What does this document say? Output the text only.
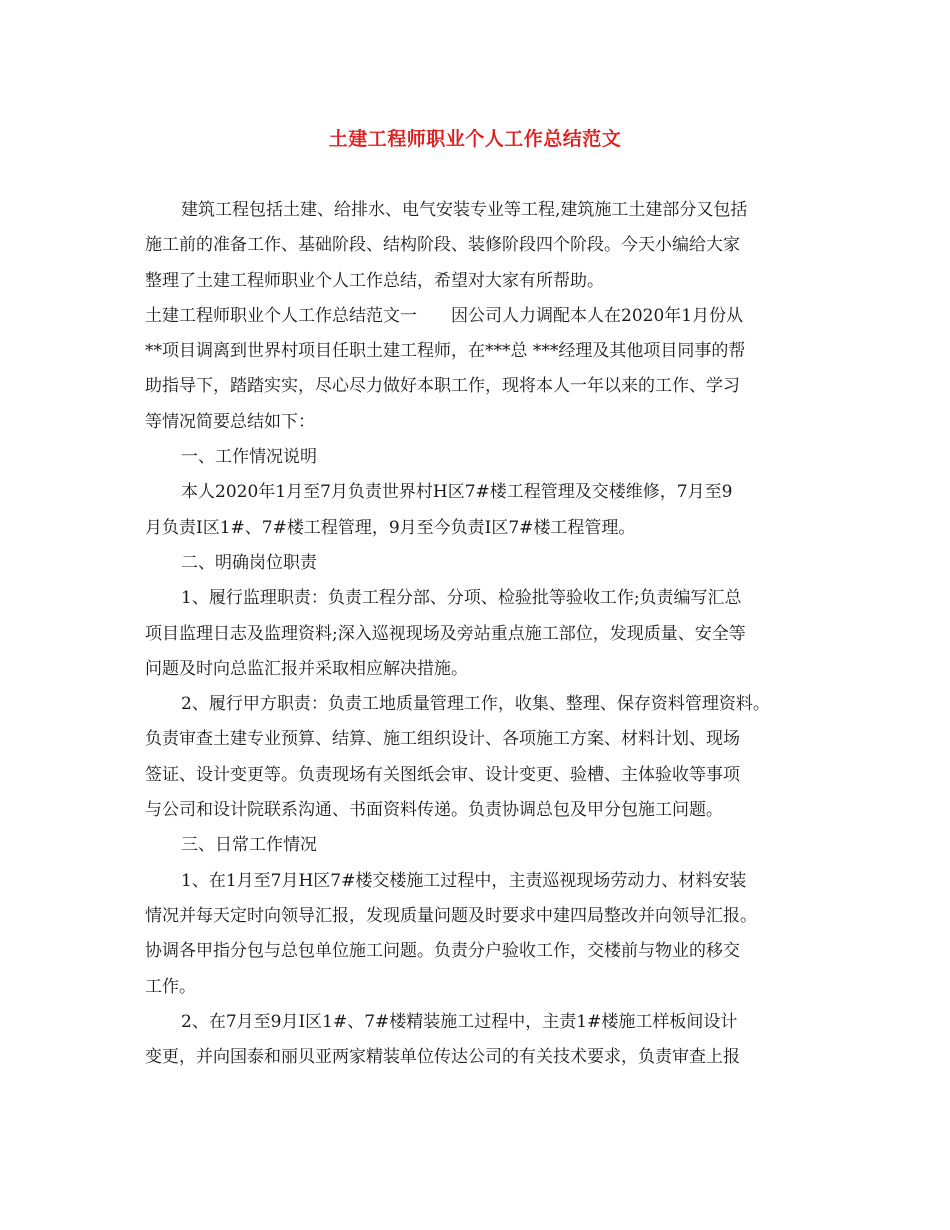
土建工程师职业个人工作总结范文
建筑工程包括土建、给排水、电气安装专业等工程,建筑施工土建部分又包括
施工前的准备工作、基础阶段、结构阶段、装修阶段四个阶段。今天小编给大家
整理了土建工程师职业个人工作总结，希望对大家有所帮助。
土建工程师职业个人工作总结范文一　　因公司人力调配本人在2020年1月份从
**项目调离到世界村项目任职土建工程师，在***总 ***经理及其他项目同事的帮
助指导下，踏踏实实，尽心尽力做好本职工作，现将本人一年以来的工作、学习
等情况简要总结如下：
一、工作情况说明
本人2020年1月至7月负责世界村H区7#楼工程管理及交楼维修，7月至9
月负责Ⅰ区1#、7#楼工程管理，9月至今负责Ⅰ区7#楼工程管理。
二、明确岗位职责
1、履行监理职责：负责工程分部、分项、检验批等验收工作;负责编写汇总
项目监理日志及监理资料;深入巡视现场及旁站重点施工部位，发现质量、安全等
问题及时向总监汇报并采取相应解决措施。
2、履行甲方职责：负责工地质量管理工作，收集、整理、保存资料管理资料。
负责审查土建专业预算、结算、施工组织设计、各项施工方案、材料计划、现场
签证、设计变更等。负责现场有关图纸会审、设计变更、验槽、主体验收等事项
与公司和设计院联系沟通、书面资料传递。负责协调总包及甲分包施工问题。
三、日常工作情况
1、在1月至7月H区7#楼交楼施工过程中，主责巡视现场劳动力、材料安装
情况并每天定时向领导汇报，发现质量问题及时要求中建四局整改并向领导汇报。
协调各甲指分包与总包单位施工问题。负责分户验收工作，交楼前与物业的移交
工作。
2、在7月至9月Ⅰ区1#、7#楼精装施工过程中，主责1#楼施工样板间设计
变更，并向国泰和丽贝亚两家精装单位传达公司的有关技术要求，负责审查上报
